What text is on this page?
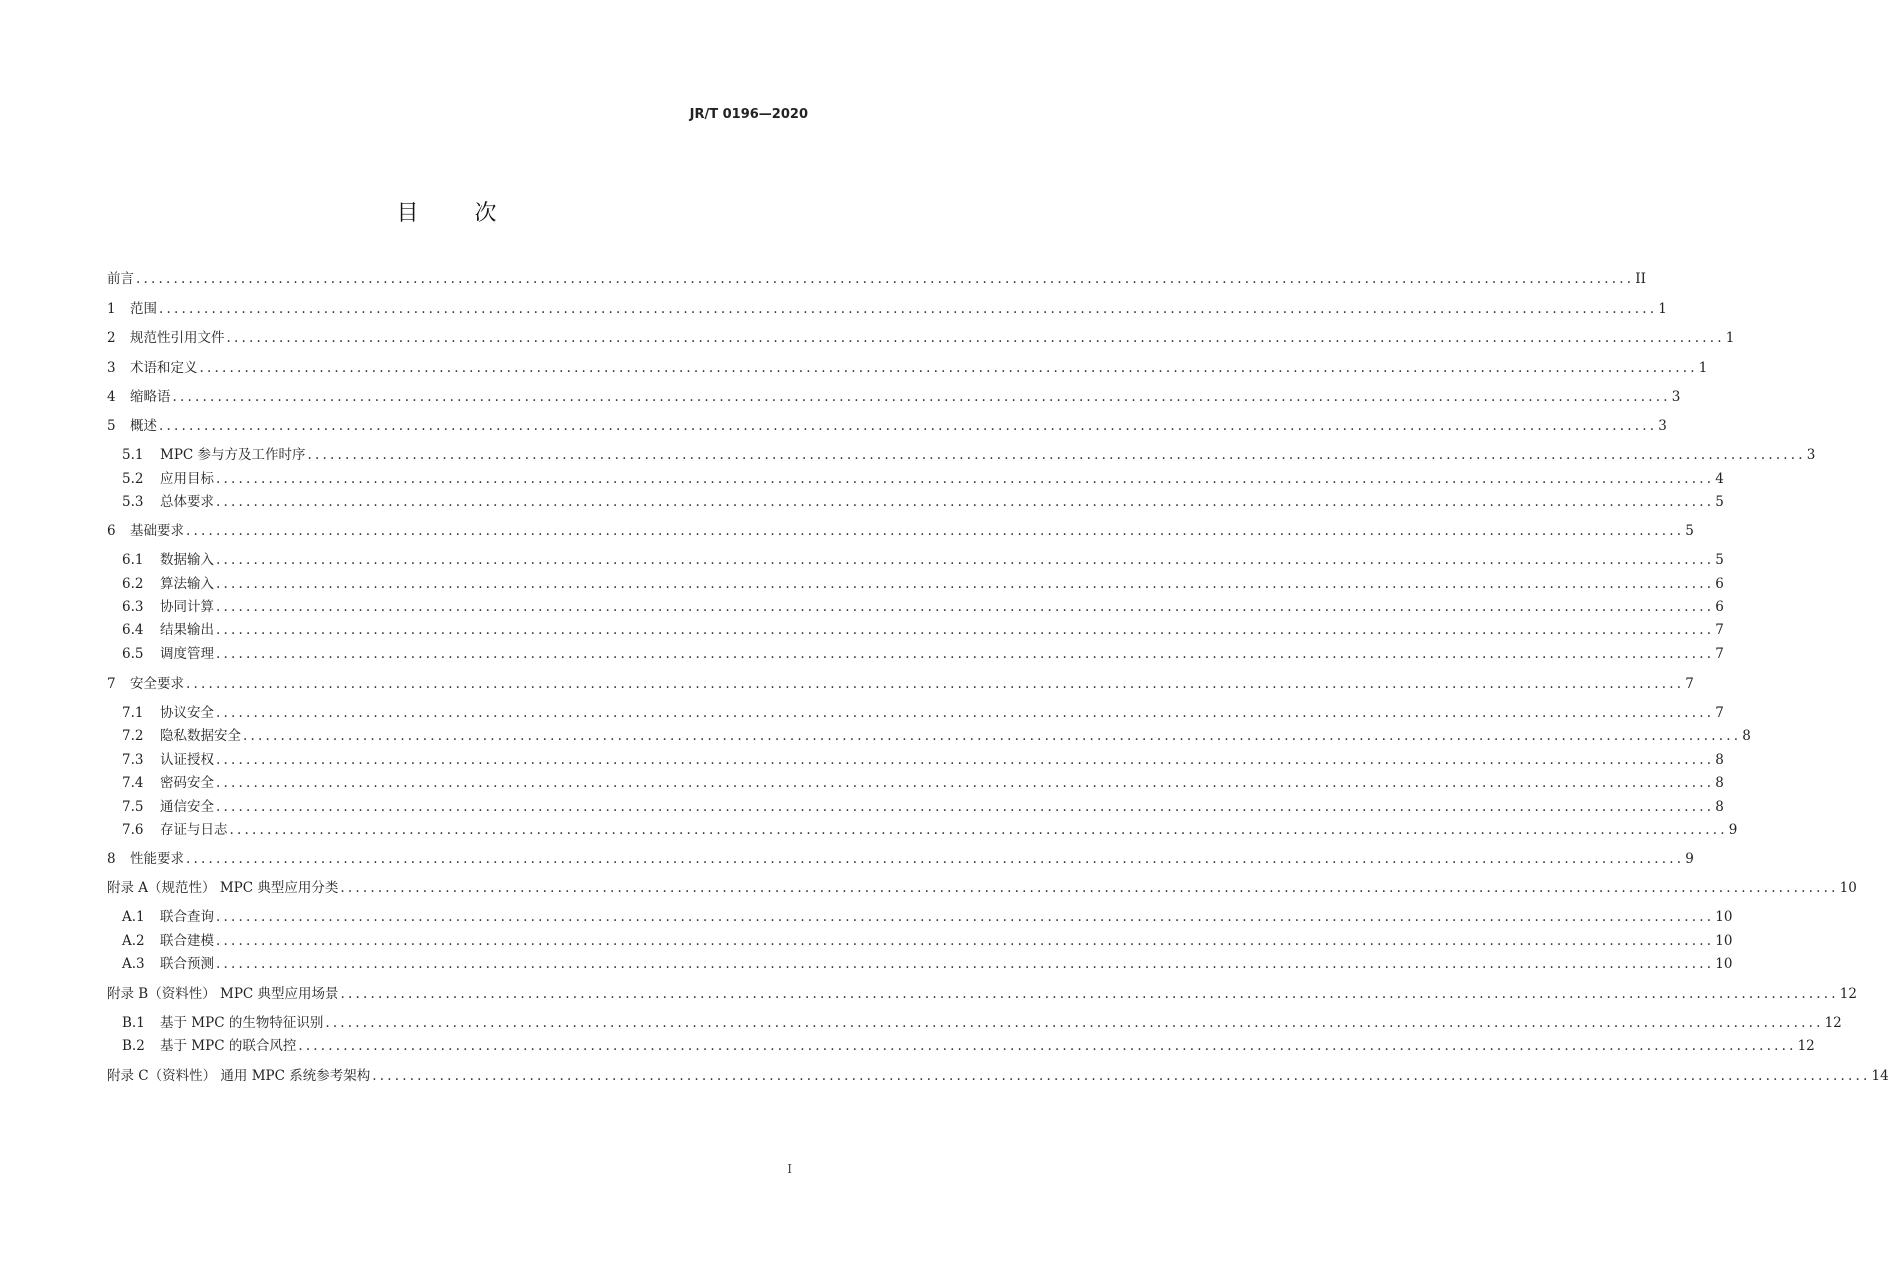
JR/T 0196—2020
目次
前言 ........................................................................................................................................................................................................ II
1	范围 ........................................................................................................................................................................................................ 1
2	规范性引用文件 ........................................................................................................................................................................................................ 1
3	术语和定义 ........................................................................................................................................................................................................ 1
4	缩略语 ........................................................................................................................................................................................................ 3
5	概述 ........................................................................................................................................................................................................ 3
5.1	MPC 参与方及工作时序 ........................................................................................................................................................................................................ 3
5.2	应用目标 ........................................................................................................................................................................................................ 4
5.3	总体要求 ........................................................................................................................................................................................................ 5
6	基础要求 ........................................................................................................................................................................................................ 5
6.1	数据输入 ........................................................................................................................................................................................................ 5
6.2	算法输入 ........................................................................................................................................................................................................ 6
6.3	协同计算 ........................................................................................................................................................................................................ 6
6.4	结果输出 ........................................................................................................................................................................................................ 7
6.5	调度管理 ........................................................................................................................................................................................................ 7
7	安全要求 ........................................................................................................................................................................................................ 7
7.1	协议安全 ........................................................................................................................................................................................................ 7
7.2	隐私数据安全 ........................................................................................................................................................................................................ 8
7.3	认证授权 ........................................................................................................................................................................................................ 8
7.4	密码安全 ........................................................................................................................................................................................................ 8
7.5	通信安全 ........................................................................................................................................................................................................ 8
7.6	存证与日志 ........................................................................................................................................................................................................ 9
8	性能要求 ........................................................................................................................................................................................................ 9
附录 A（规范性） MPC 典型应用分类 ........................................................................................................................................................................................................ 10
A.1	联合查询 ........................................................................................................................................................................................................ 10
A.2	联合建模 ........................................................................................................................................................................................................ 10
A.3	联合预测 ........................................................................................................................................................................................................ 10
附录 B（资料性） MPC 典型应用场景 ........................................................................................................................................................................................................ 12
B.1	基于 MPC 的生物特征识别 ........................................................................................................................................................................................................ 12
B.2	基于 MPC 的联合风控 ........................................................................................................................................................................................................ 12
附录 C（资料性） 通用 MPC 系统参考架构 ........................................................................................................................................................................................................ 14
I
